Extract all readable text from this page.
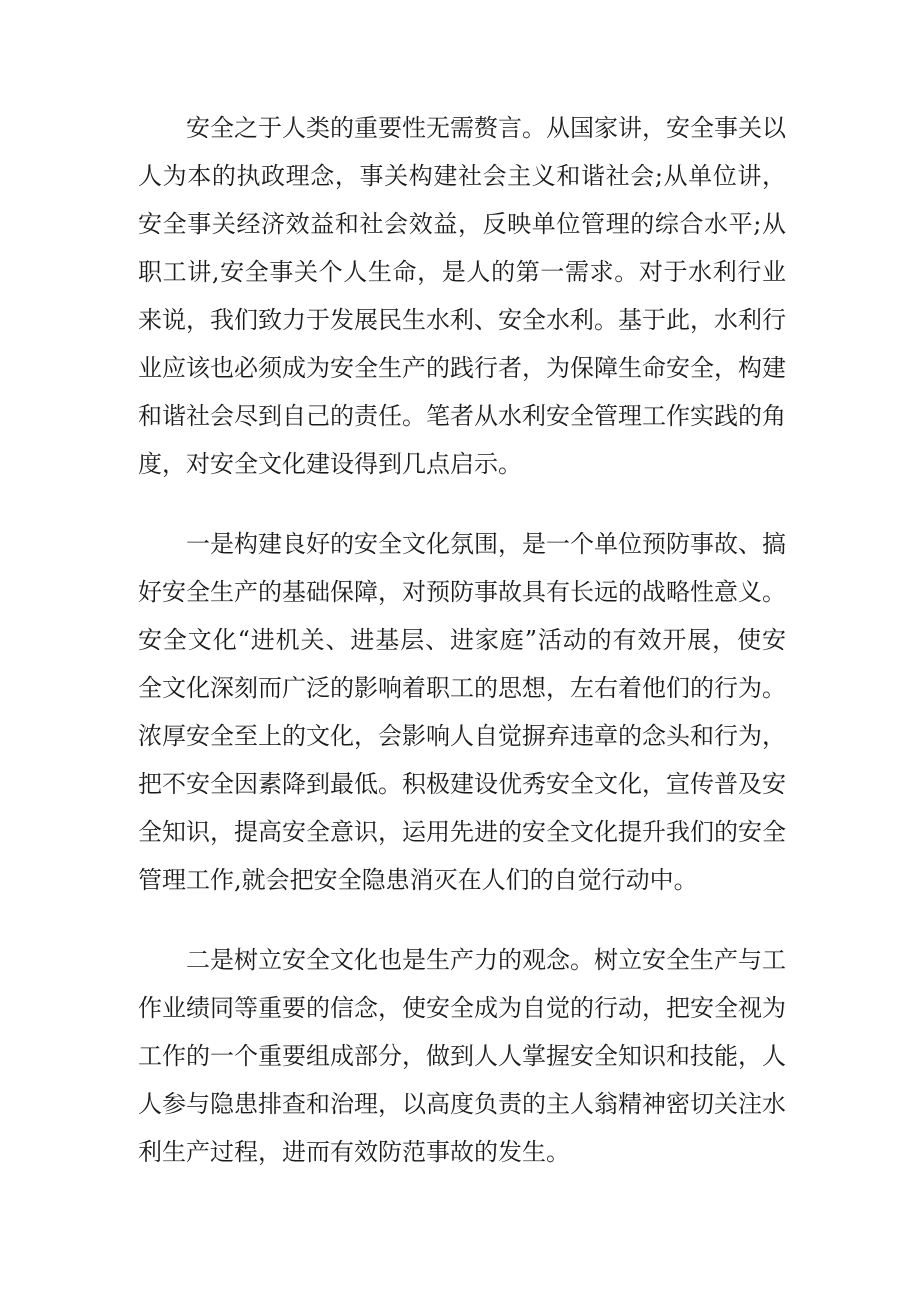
安全之于人类的重要性无需赘言。从国家讲，安全事关以人为本的执政理念，事关构建社会主义和谐社会;从单位讲，安全事关经济效益和社会效益，反映单位管理的综合水平;从职工讲,安全事关个人生命，是人的第一需求。对于水利行业来说，我们致力于发展民生水利、安全水利。基于此，水利行业应该也必须成为安全生产的践行者，为保障生命安全，构建和谐社会尽到自己的责任。笔者从水利安全管理工作实践的角度，对安全文化建设得到几点启示。

一是构建良好的安全文化氛围，是一个单位预防事故、搞好安全生产的基础保障，对预防事故具有长远的战略性意义。安全文化“进机关、进基层、进家庭”活动的有效开展，使安全文化深刻而广泛的影响着职工的思想，左右着他们的行为。浓厚安全至上的文化，会影响人自觉摒弃违章的念头和行为，把不安全因素降到最低。积极建设优秀安全文化，宣传普及安全知识，提高安全意识，运用先进的安全文化提升我们的安全管理工作,就会把安全隐患消灭在人们的自觉行动中。

二是树立安全文化也是生产力的观念。树立安全生产与工作业绩同等重要的信念，使安全成为自觉的行动，把安全视为工作的一个重要组成部分，做到人人掌握安全知识和技能，人人参与隐患排查和治理，以高度负责的主人翁精神密切关注水利生产过程，进而有效防范事故的发生。
